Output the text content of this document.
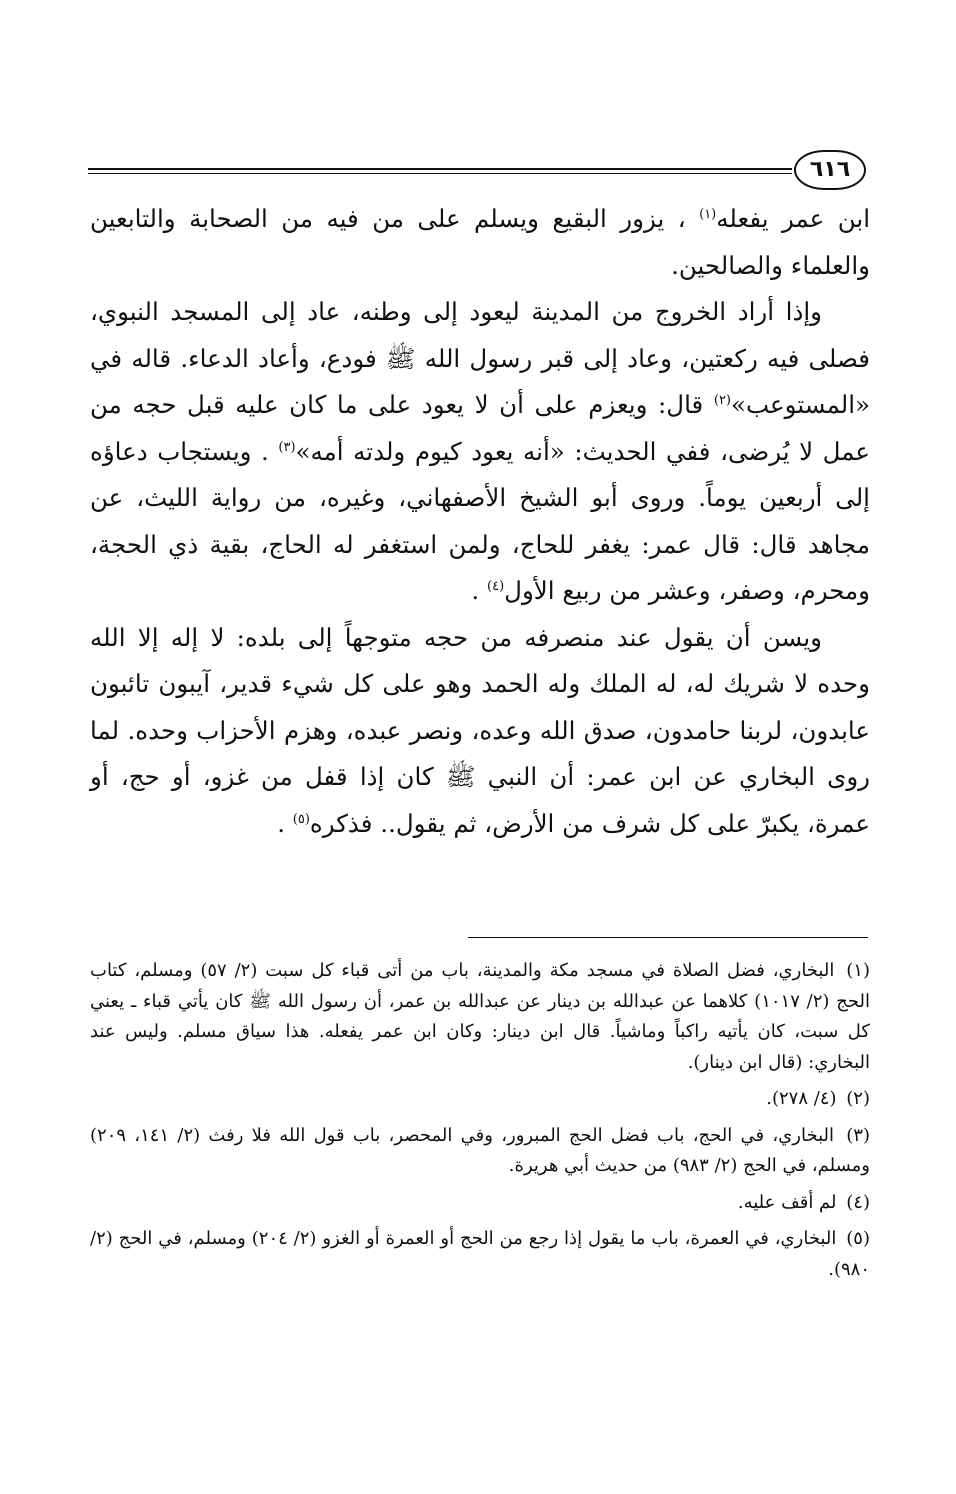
٦١٦

ابن عمر يفعله$^{(١)}$ ، يزور البقيع ويسلم على من فيه من الصحابة والتابعين والعلماء والصالحين.

وإذا أراد الخروج من المدينة ليعود إلى وطنه، عاد إلى المسجد النبوي، فصلى فيه ركعتين، وعاد إلى قبر رسول الله ﷺ فودع، وأعاد الدعاء. قاله في «المستوعب»$^{(٢)}$ قال: ويعزم على أن لا يعود على ما كان عليه قبل حجه من عمل لا يُرضى، ففي الحديث: «أنه يعود كيوم ولدته أمه»$^{(٣)}$ . ويستجاب دعاؤه إلى أربعين يوماً. وروى أبو الشيخ الأصفهاني، وغيره، من رواية الليث، عن مجاهد قال: قال عمر: يغفر للحاج، ولمن استغفر له الحاج، بقية ذي الحجة، ومحرم، وصفر، وعشر من ربيع الأول$^{(٤)}$ .

ويسن أن يقول عند منصرفه من حجه متوجهاً إلى بلده: لا إله إلا الله وحده لا شريك له، له الملك وله الحمد وهو على كل شيء قدير، آيبون تائبون عابدون، لربنا حامدون، صدق الله وعده، ونصر عبده، وهزم الأحزاب وحده. لما روى البخاري عن ابن عمر: أن النبي ﷺ كان إذا قفل من غزو، أو حج، أو عمرة، يكبرّ على كل شرف من الأرض، ثم يقول.. فذكره$^{(٥)}$ .

(١) البخاري، فضل الصلاة في مسجد مكة والمدينة، باب من أتى قباء كل سبت (٢/ ٥٧) ومسلم، كتاب الحج (٢/ ١٠١٧) كلاهما عن عبدالله بن دينار عن عبدالله بن عمر، أن رسول الله ﷺ كان يأتي قباء ـ يعني كل سبت، كان يأتيه راكباً وماشياً. قال ابن دينار: وكان ابن عمر يفعله. هذا سياق مسلم. وليس عند البخاري: (قال ابن دينار).

(٢) (٤/ ٢٧٨).

(٣) البخاري، في الحج، باب فضل الحج المبرور، وفي المحصر، باب قول الله فلا رفث (٢/ ١٤١، ٢٠٩) ومسلم، في الحج (٢/ ٩٨٣) من حديث أبي هريرة.

(٤) لم أقف عليه.

(٥) البخاري، في العمرة، باب ما يقول إذا رجع من الحج أو العمرة أو الغزو (٢/ ٢٠٤) ومسلم، في الحج (٢/ ٩٨٠).
